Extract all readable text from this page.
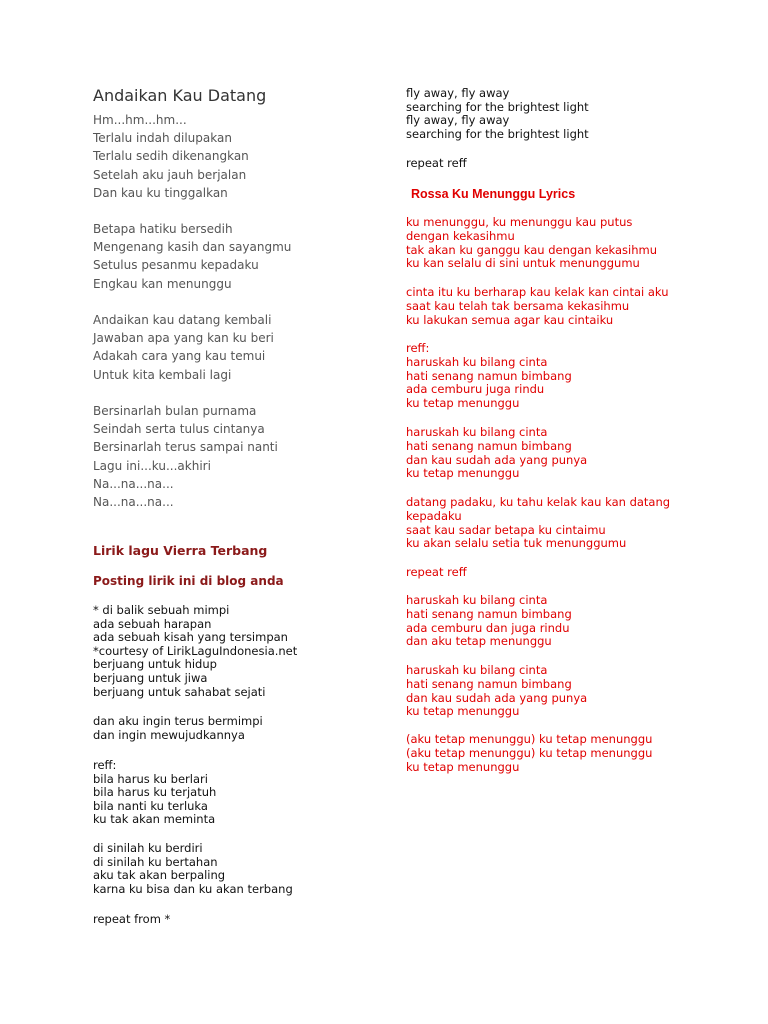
Andaikan Kau Datang
Hm...hm...hm...
Terlalu indah dilupakan
Terlalu sedih dikenangkan
Setelah aku jauh berjalan
Dan kau ku tinggalkan
Betapa hatiku bersedih
Mengenang kasih dan sayangmu
Setulus pesanmu kepadaku
Engkau kan menunggu
Andaikan kau datang kembali
Jawaban apa yang kan ku beri
Adakah cara yang kau temui
Untuk kita kembali lagi
Bersinarlah bulan purnama
Seindah serta tulus cintanya
Bersinarlah terus sampai nanti
Lagu ini...ku...akhiri
Na...na...na...
Na...na...na...
Lirik lagu Vierra Terbang
Posting lirik ini di blog anda
* di balik sebuah mimpi
ada sebuah harapan
ada sebuah kisah yang tersimpan
*courtesy of LirikLaguIndonesia.net
berjuang untuk hidup
berjuang untuk jiwa
berjuang untuk sahabat sejati
dan aku ingin terus bermimpi
dan ingin mewujudkannya
reff:
bila harus ku berlari
bila harus ku terjatuh
bila nanti ku terluka
ku tak akan meminta
di sinilah ku berdiri
di sinilah ku bertahan
aku tak akan berpaling
karna ku bisa dan ku akan terbang
repeat from *
fly away, fly away
searching for the brightest light
fly away, fly away
searching for the brightest light
repeat reff
Rossa Ku Menunggu Lyrics
ku menunggu, ku menunggu kau putus
dengan kekasihmu
tak akan ku ganggu kau dengan kekasihmu
ku kan selalu di sini untuk menunggumu
cinta itu ku berharap kau kelak kan cintai aku
saat kau telah tak bersama kekasihmu
ku lakukan semua agar kau cintaiku
reff:
haruskah ku bilang cinta
hati senang namun bimbang
ada cemburu juga rindu
ku tetap menunggu
haruskah ku bilang cinta
hati senang namun bimbang
dan kau sudah ada yang punya
ku tetap menunggu
datang padaku, ku tahu kelak kau kan datang
kepadaku
saat kau sadar betapa ku cintaimu
ku akan selalu setia tuk menunggumu
repeat reff
haruskah ku bilang cinta
hati senang namun bimbang
ada cemburu dan juga rindu
dan aku tetap menunggu
haruskah ku bilang cinta
hati senang namun bimbang
dan kau sudah ada yang punya
ku tetap menunggu
(aku tetap menunggu) ku tetap menunggu
(aku tetap menunggu) ku tetap menunggu
ku tetap menunggu
